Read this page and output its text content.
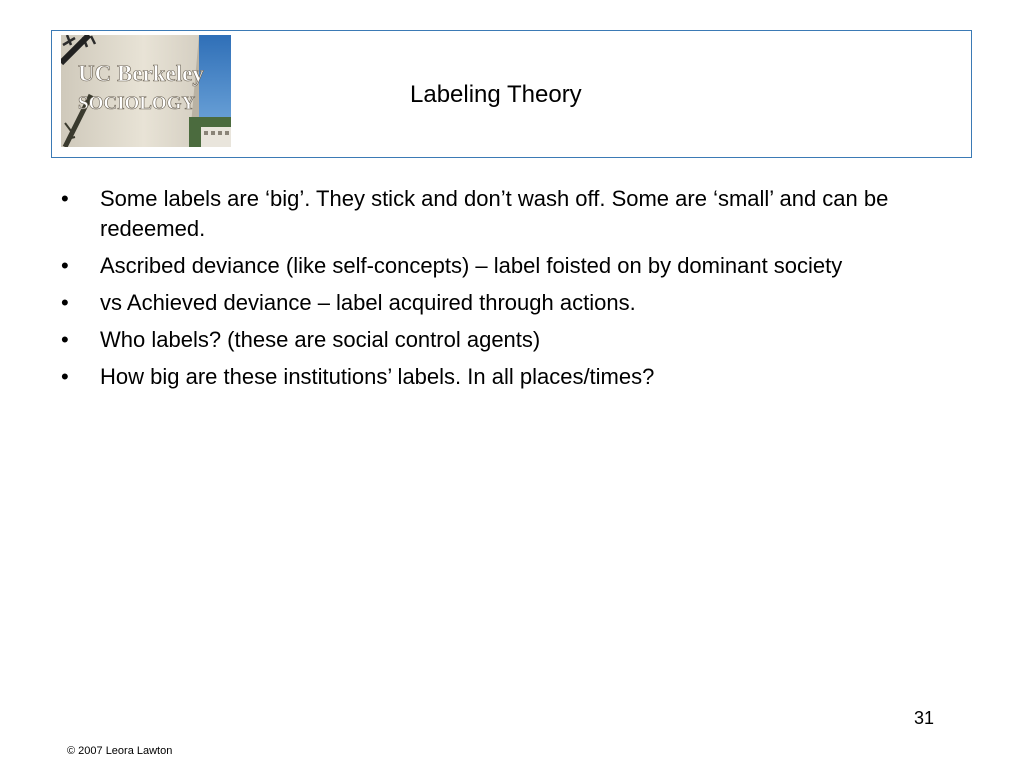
UC Berkeley
SOCIOLOGY	Labeling Theory
• Some labels are ‘big’. They stick and don’t wash off. Some are ‘small’ and can be redeemed.
• Ascribed deviance (like self-concepts) – label foisted on by dominant society
• vs Achieved deviance – label acquired through actions.
• Who labels? (these are social control agents)
• How big are these institutions’ labels. In all places/times?
31
© 2007 Leora Lawton
